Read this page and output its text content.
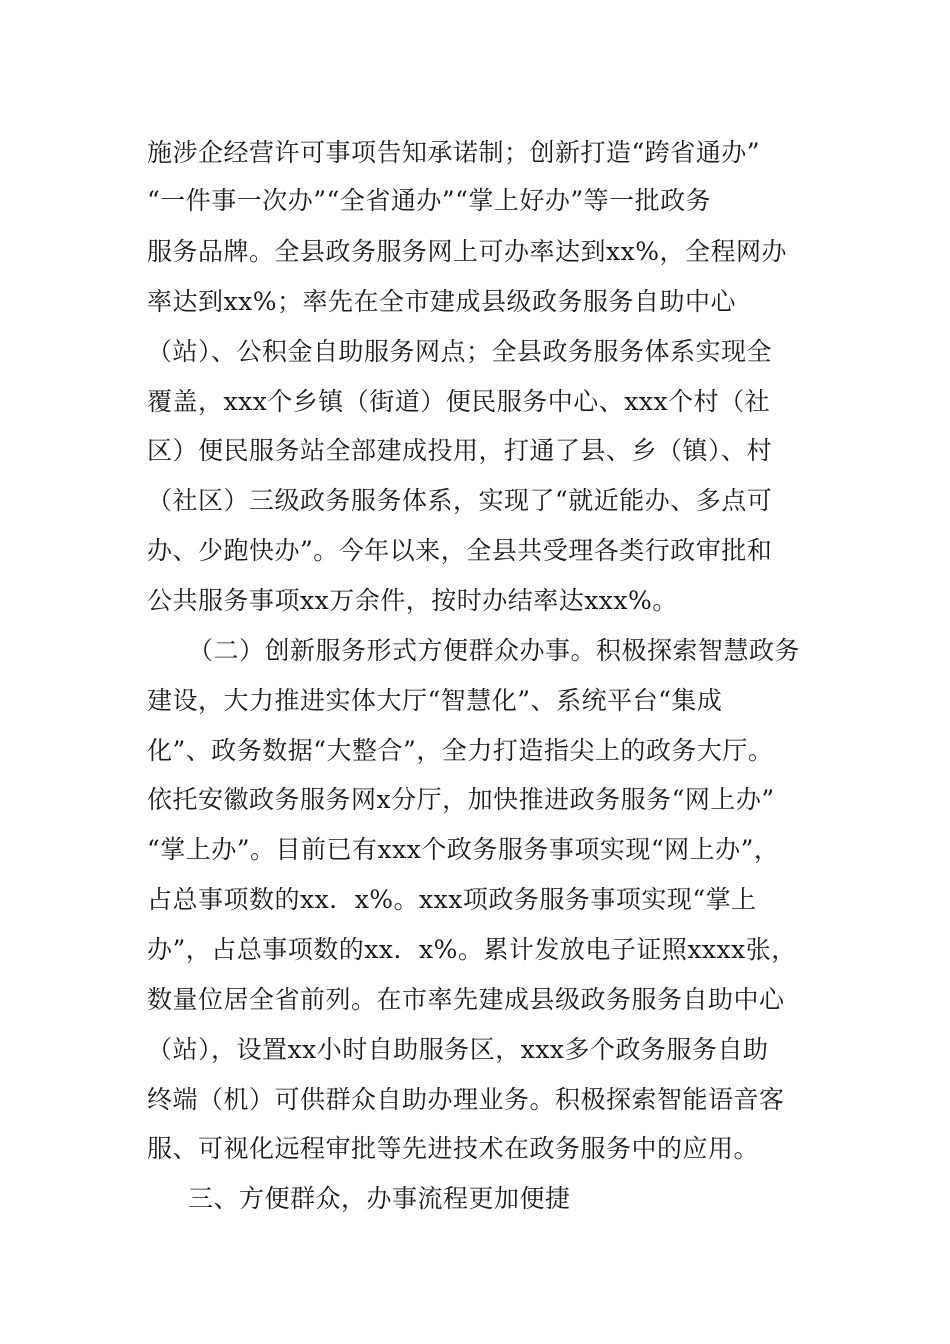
施涉企经营许可事项告知承诺制；创新打造“跨省通办”
“一件事一次办”“全省通办”“掌上好办”等一批政务
服务品牌。全县政务服务网上可办率达到xx%，全程网办
率达到xx%；率先在全市建成县级政务服务自助中心
（站）、公积金自助服务网点；全县政务服务体系实现全
覆盖，xxx个乡镇（街道）便民服务中心、xxx个村（社
区）便民服务站全部建成投用，打通了县、乡（镇）、村
（社区）三级政务服务体系，实现了“就近能办、多点可
办、少跑快办”。今年以来，全县共受理各类行政审批和
公共服务事项xx万余件，按时办结率达xxx%。
（二）创新服务形式方便群众办事。积极探索智慧政务
建设，大力推进实体大厅“智慧化”、系统平台“集成
化”、政务数据“大整合”，全力打造指尖上的政务大厅。
依托安徽政务服务网x分厅，加快推进政务服务“网上办”
“掌上办”。目前已有xxx个政务服务事项实现“网上办”，
占总事项数的xx．x%。xxx项政务服务事项实现“掌上
办”，占总事项数的xx．x%。累计发放电子证照xxxx张，
数量位居全省前列。在市率先建成县级政务服务自助中心
（站），设置xx小时自助服务区，xxx多个政务服务自助
终端（机）可供群众自助办理业务。积极探索智能语音客
服、可视化远程审批等先进技术在政务服务中的应用。
三、方便群众，办事流程更加便捷
